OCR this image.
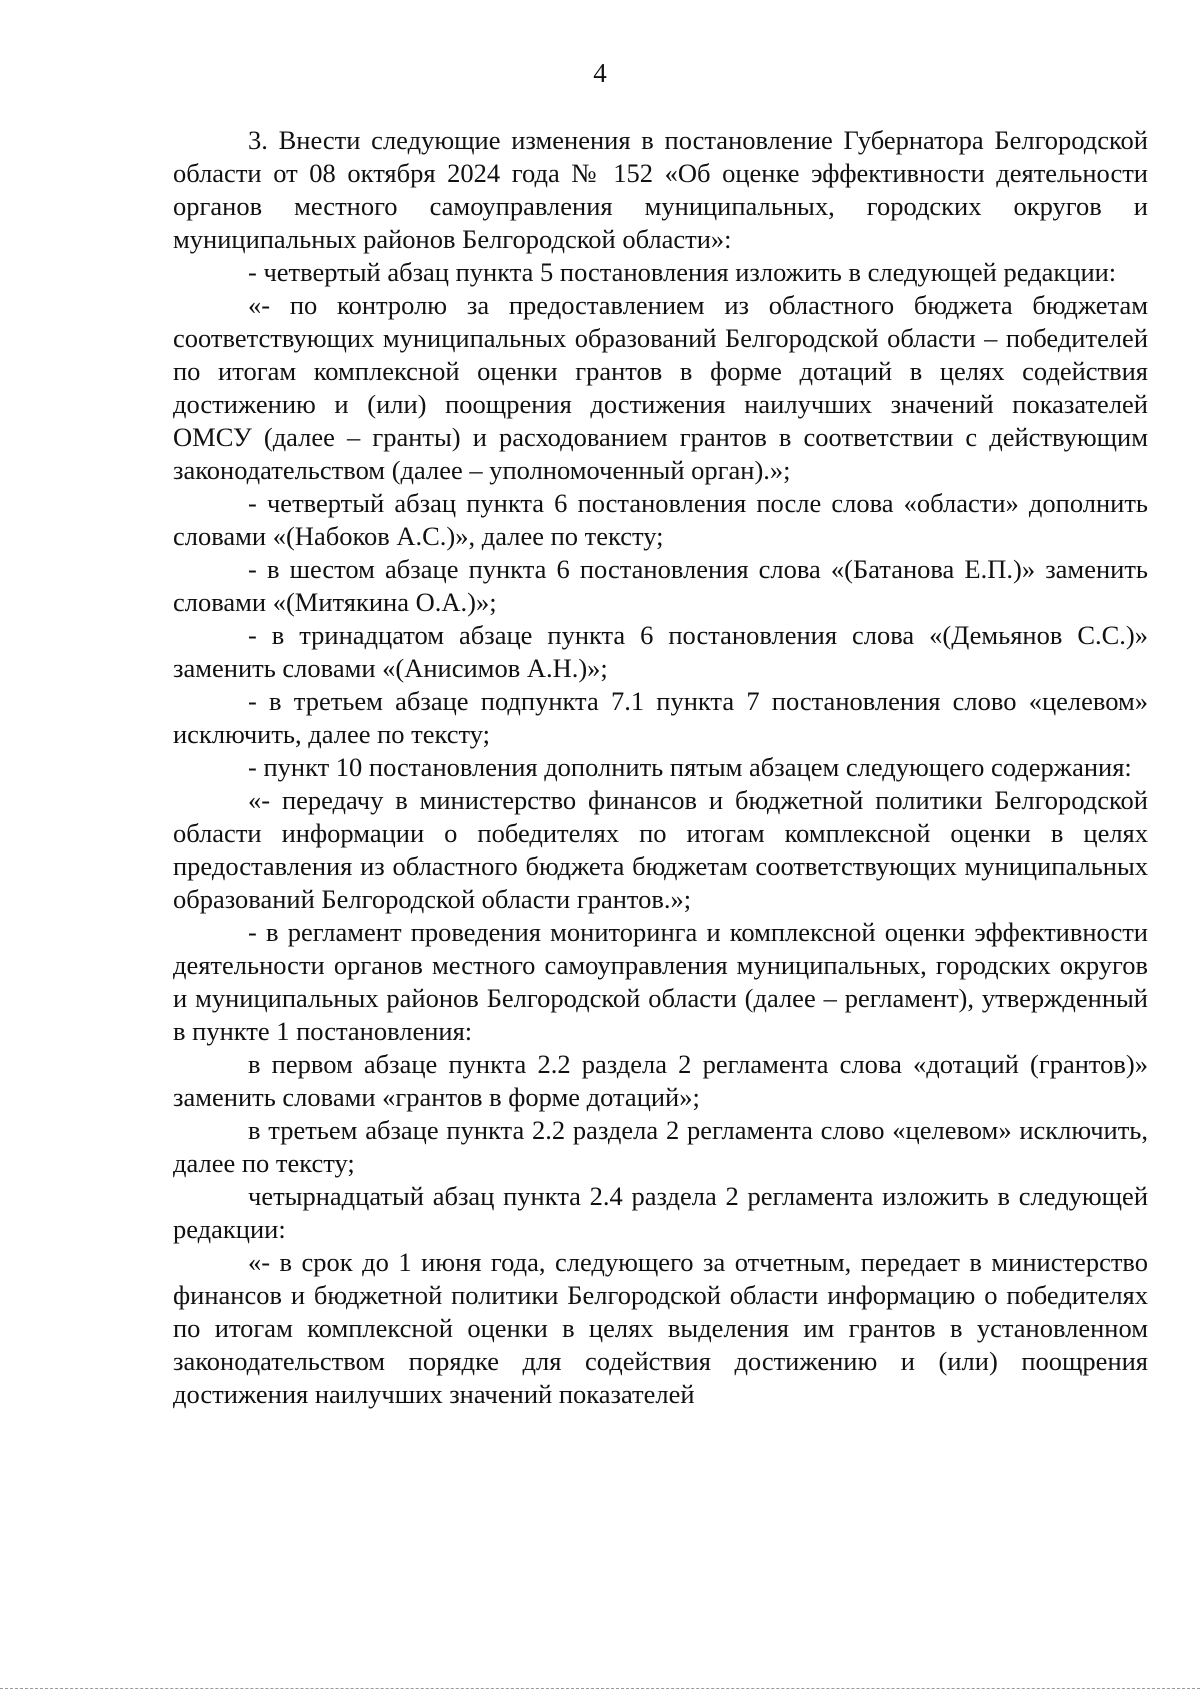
4

3. Внести следующие изменения в постановление Губернатора Белгородской области от 08 октября 2024 года № 152 «Об оценке эффективности деятельности органов местного самоуправления муниципальных, городских округов и муниципальных районов Белгородской области»:

- четвертый абзац пункта 5 постановления изложить в следующей редакции:

«- по контролю за предоставлением из областного бюджета бюджетам соответствующих муниципальных образований Белгородской области – победителей по итогам комплексной оценки грантов в форме дотаций в целях содействия достижению и (или) поощрения достижения наилучших значений показателей ОМСУ (далее – гранты) и расходованием грантов в соответствии с действующим законодательством (далее – уполномоченный орган).»;

- четвертый абзац пункта 6 постановления после слова «области» дополнить словами «(Набоков А.С.)», далее по тексту;

- в шестом абзаце пункта 6 постановления слова «(Батанова Е.П.)» заменить словами «(Митякина О.А.)»;

- в тринадцатом абзаце пункта 6 постановления слова «(Демьянов С.С.)» заменить словами «(Анисимов А.Н.)»;

- в третьем абзаце подпункта 7.1 пункта 7 постановления слово «целевом» исключить, далее по тексту;

- пункт 10 постановления дополнить пятым абзацем следующего содержания:

«- передачу в министерство финансов и бюджетной политики Белгородской области информации о победителях по итогам комплексной оценки в целях предоставления из областного бюджета бюджетам соответствующих муниципальных образований Белгородской области грантов.»;

- в регламент проведения мониторинга и комплексной оценки эффективности деятельности органов местного самоуправления муниципальных, городских округов и муниципальных районов Белгородской области (далее – регламент), утвержденный в пункте 1 постановления:

в первом абзаце пункта 2.2 раздела 2 регламента слова «дотаций (грантов)» заменить словами «грантов в форме дотаций»;

в третьем абзаце пункта 2.2 раздела 2 регламента слово «целевом» исключить, далее по тексту;

четырнадцатый абзац пункта 2.4 раздела 2 регламента изложить в следующей редакции:

«- в срок до 1 июня года, следующего за отчетным, передает в министерство финансов и бюджетной политики Белгородской области информацию о победителях по итогам комплексной оценки в целях выделения им грантов в установленном законодательством порядке для содействия достижению и (или) поощрения достижения наилучших значений показателей
